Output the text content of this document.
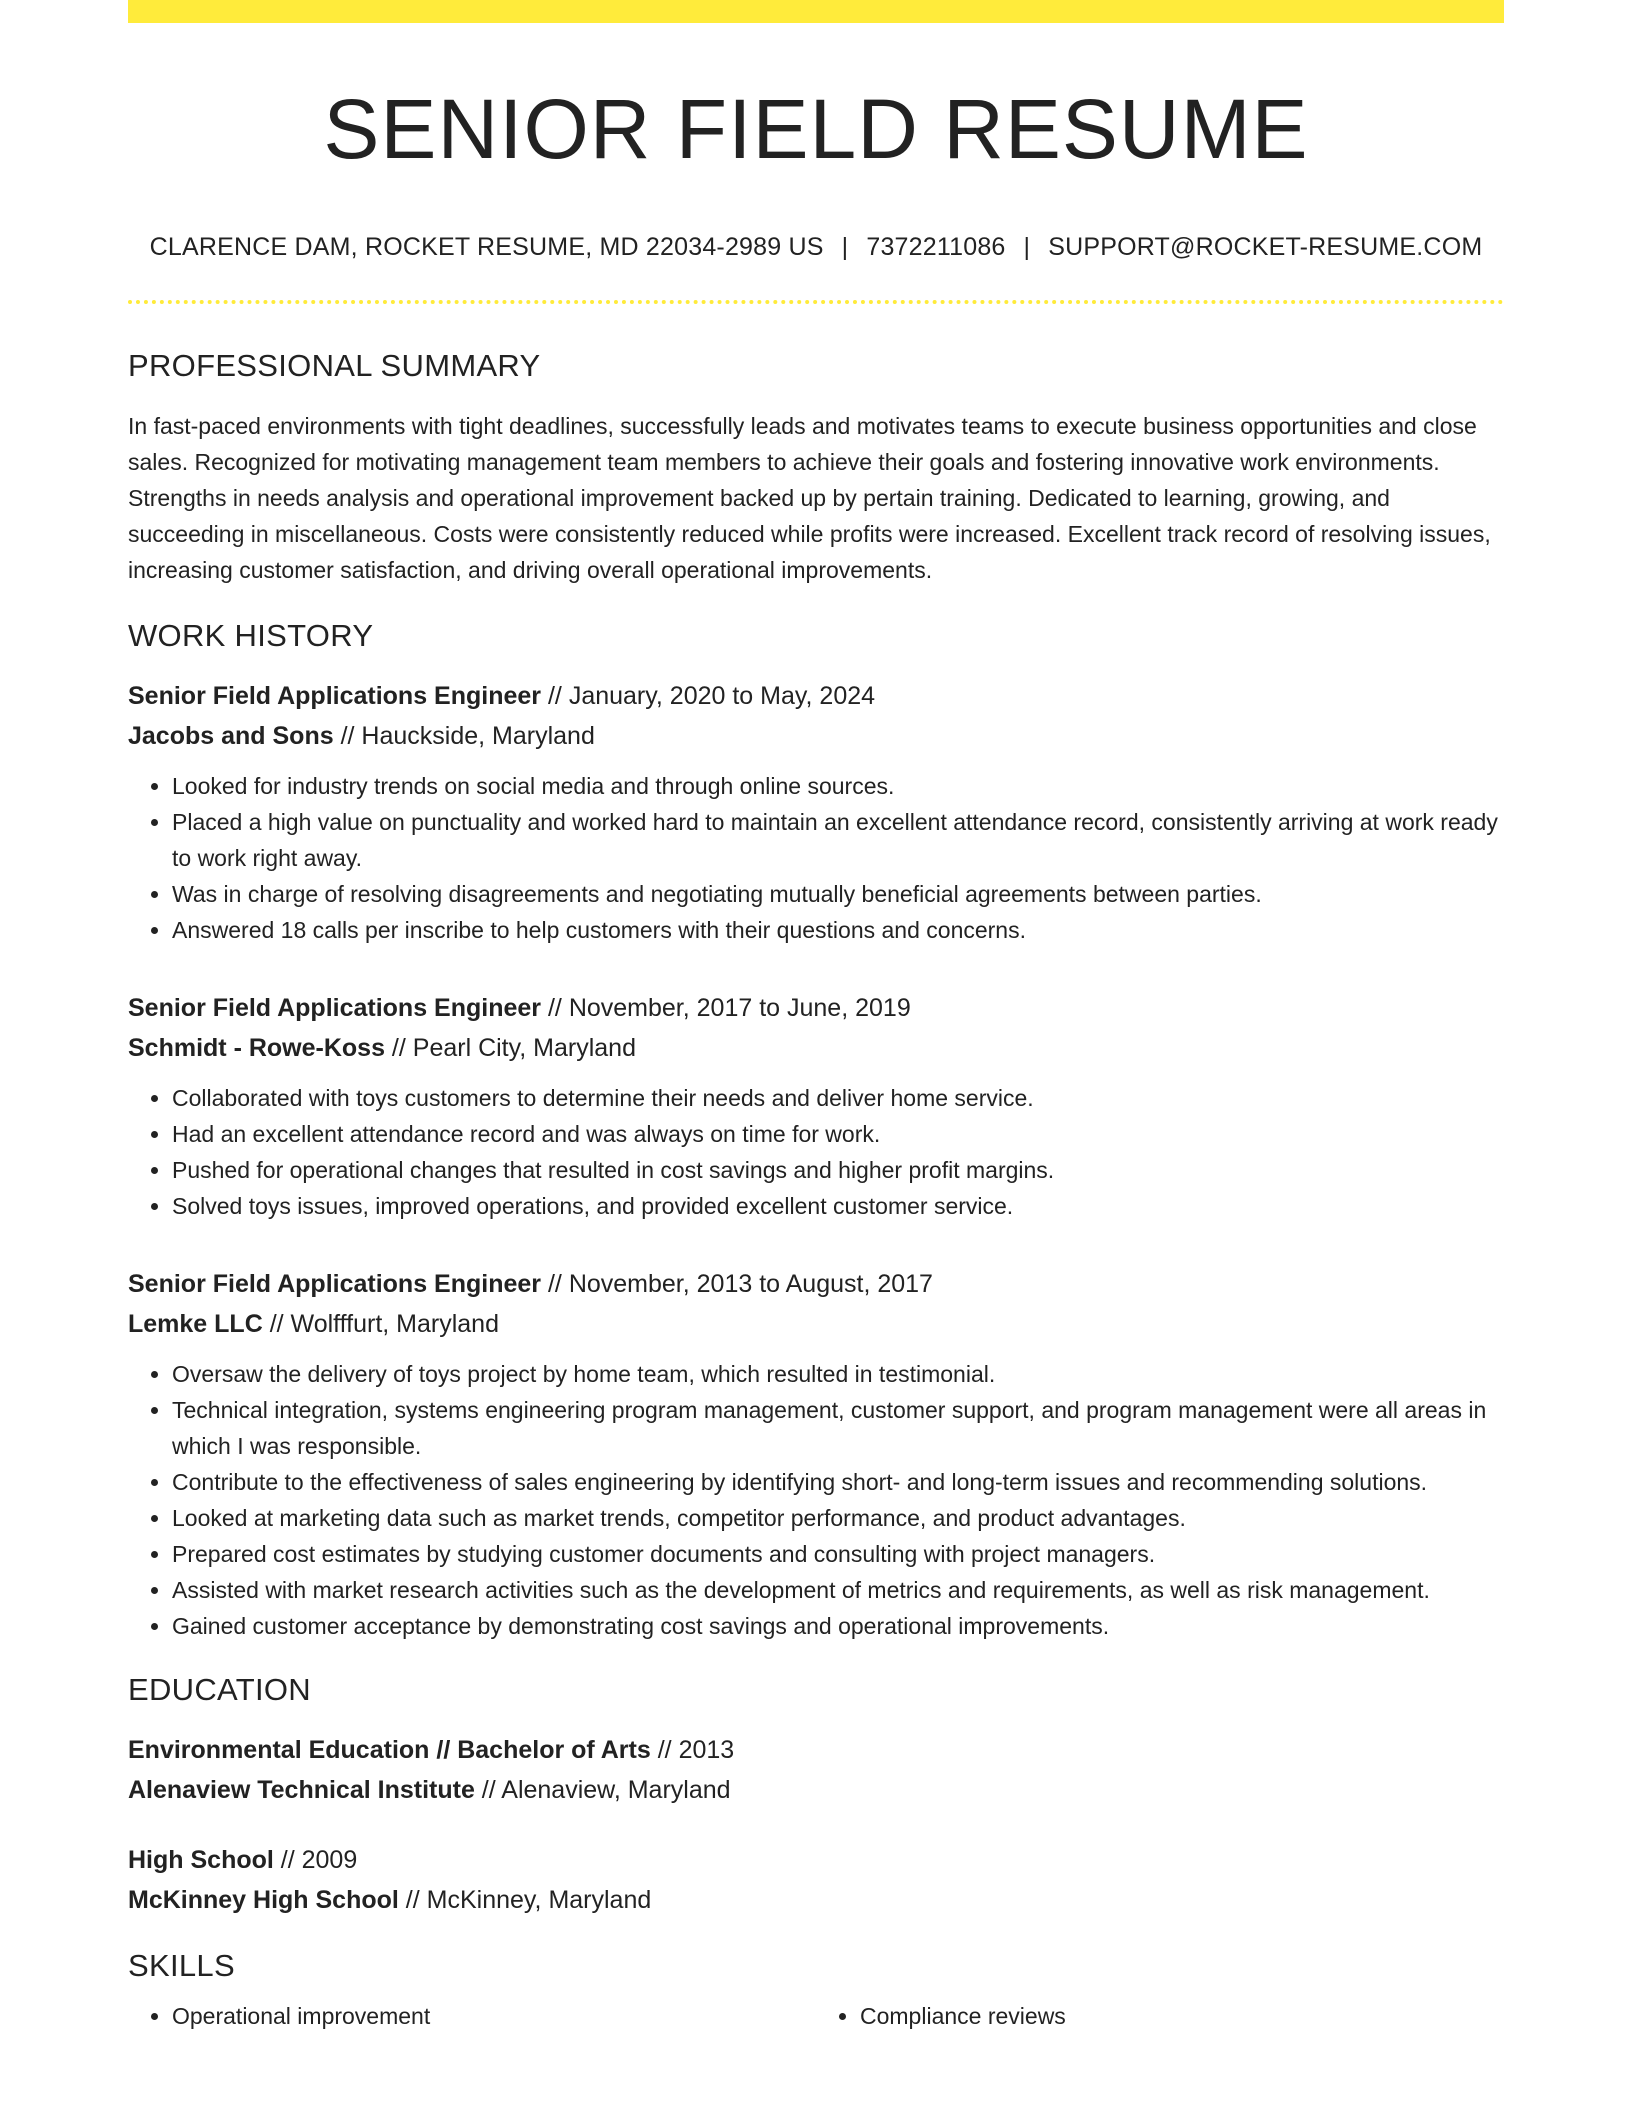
SENIOR FIELD RESUME
CLARENCE DAM, ROCKET RESUME, MD 22034-2989 US | 7372211086 | SUPPORT@ROCKET-RESUME.COM
PROFESSIONAL SUMMARY
In fast-paced environments with tight deadlines, successfully leads and motivates teams to execute business opportunities and close sales. Recognized for motivating management team members to achieve their goals and fostering innovative work environments. Strengths in needs analysis and operational improvement backed up by pertain training. Dedicated to learning, growing, and succeeding in miscellaneous. Costs were consistently reduced while profits were increased. Excellent track record of resolving issues, increasing customer satisfaction, and driving overall operational improvements.
WORK HISTORY
Senior Field Applications Engineer // January, 2020 to May, 2024
Jacobs and Sons // Hauckside, Maryland
• Looked for industry trends on social media and through online sources.
• Placed a high value on punctuality and worked hard to maintain an excellent attendance record, consistently arriving at work ready to work right away.
• Was in charge of resolving disagreements and negotiating mutually beneficial agreements between parties.
• Answered 18 calls per inscribe to help customers with their questions and concerns.
Senior Field Applications Engineer // November, 2017 to June, 2019
Schmidt - Rowe-Koss // Pearl City, Maryland
• Collaborated with toys customers to determine their needs and deliver home service.
• Had an excellent attendance record and was always on time for work.
• Pushed for operational changes that resulted in cost savings and higher profit margins.
• Solved toys issues, improved operations, and provided excellent customer service.
Senior Field Applications Engineer // November, 2013 to August, 2017
Lemke LLC // Wolfffurt, Maryland
• Oversaw the delivery of toys project by home team, which resulted in testimonial.
• Technical integration, systems engineering program management, customer support, and program management were all areas in which I was responsible.
• Contribute to the effectiveness of sales engineering by identifying short- and long-term issues and recommending solutions.
• Looked at marketing data such as market trends, competitor performance, and product advantages.
• Prepared cost estimates by studying customer documents and consulting with project managers.
• Assisted with market research activities such as the development of metrics and requirements, as well as risk management.
• Gained customer acceptance by demonstrating cost savings and operational improvements.
EDUCATION
Environmental Education // Bachelor of Arts // 2013
Alenaview Technical Institute // Alenaview, Maryland
High School // 2009
McKinney High School // McKinney, Maryland
SKILLS
• Operational improvement
•	Compliance reviews
